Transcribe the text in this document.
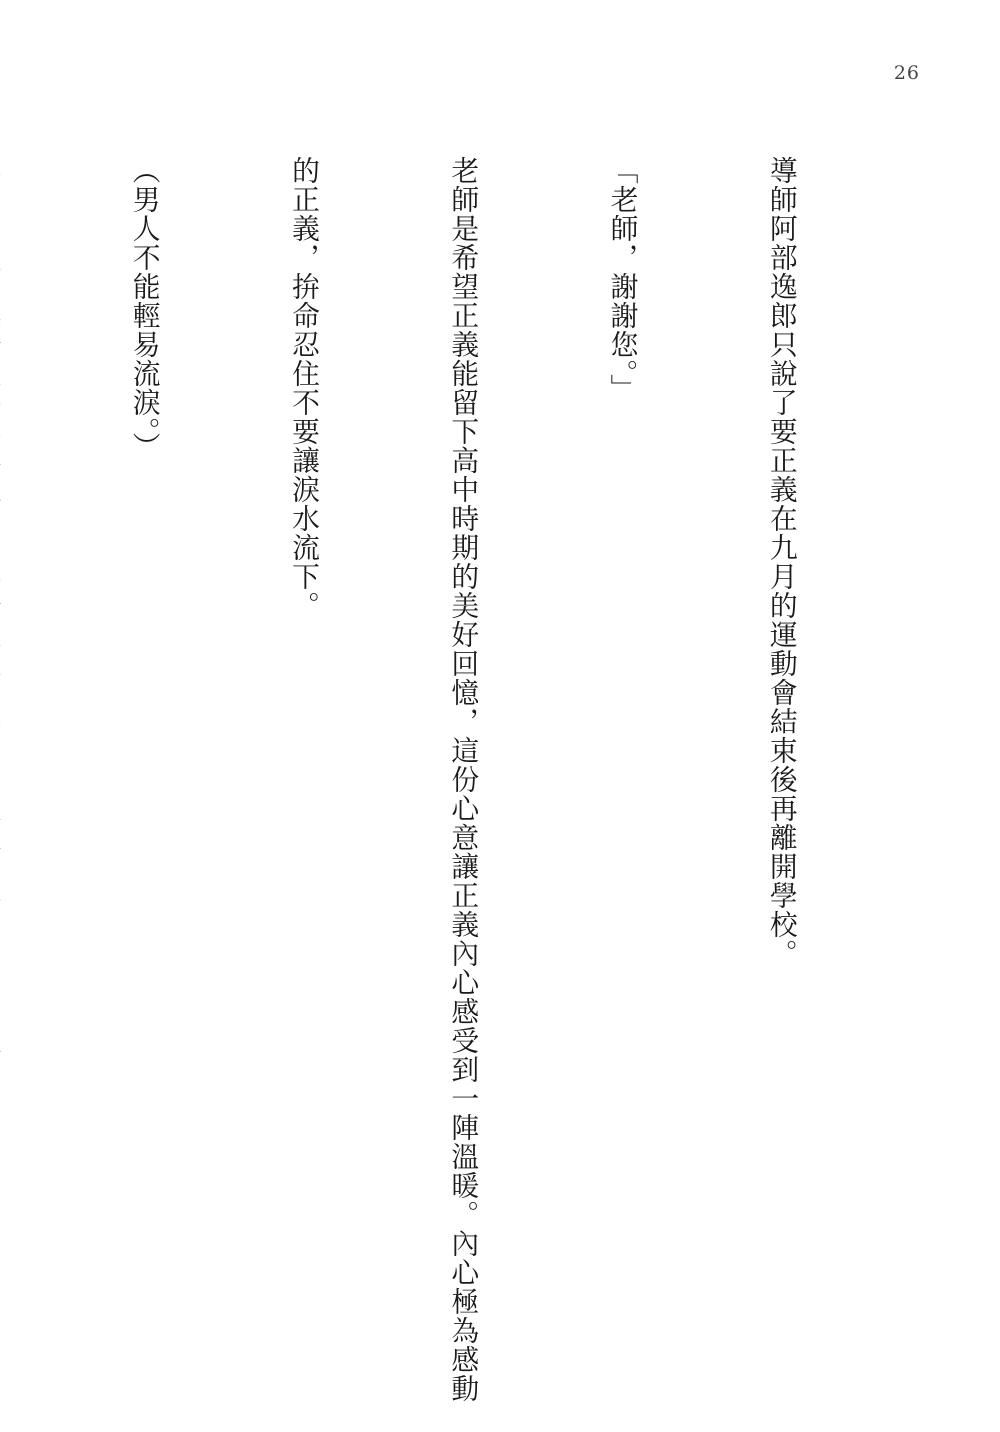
26

導師阿部逸郎只說了要正義在九月的運動會結束後再離開學校。

「老師，謝謝您。」

老師是希望正義能留下高中時期的美好回憶，這份心意讓正義內心感受到一陣溫暖。內心極為感動

的正義，拚命忍住不要讓淚水流下。

（男人不能輕易流淚。）
